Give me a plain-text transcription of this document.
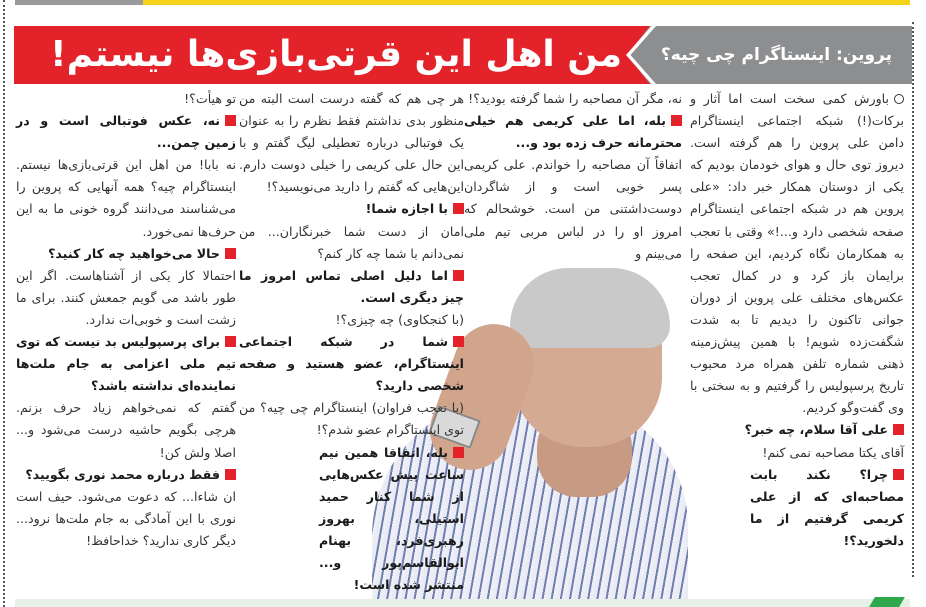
من اهل این قرتی‌بازی‌ها نیستم!	پروین: اینستاگرام چی چیه؟

باورش کمی سخت است اما آثار و برکات(!) شبکه اجتماعی اینستاگرام دامن علی پروین را هم گرفته است. دیروز توی حال و هوای خودمان بودیم که یکی از دوستان همکار خبر داد: «علی پروین هم در شبکه اجتماعی اینستاگرام صفحه شخصی دارد و...!» وقتی با تعجب به همکارمان نگاه کردیم، این صفحه را برایمان باز کرد و در کمال تعجب عکس‌های مختلف علی پروین از دوران جوانی تاکنون را دیدیم تا به شدت شگفت‌زده شویم! با همین پیش‌زمینه ذهنی شماره تلفن همراه مرد محبوب تاریخ پرسپولیس را گرفتیم و به سختی با وی گفت‌وگو کردیم.

علی آقا سلام، چه خبر؟

آقای یکتا مصاحبه نمی کنم!

چرا؟ نکند بابت مصاحبه‌ای که از علی کریمی گرفتیم از ما دلخورید؟!

نه، مگر آن مصاحبه را شما گرفته بودید؟!

بله، اما علی کریمی هم خیلی محترمانه حرف زده بود و...

اتفاقاً آن مصاحبه را خواندم. علی کریمی پسر خوبی است و از شاگردان دوست‌داشتنی من است. خوشحالم که امروز او را در لباس مربی تیم ملی می‌بینم و

هر چی هم که گفته درست است البته من منظور بدی نداشتم فقط نظرم را به عنوان یک فوتبالی درباره تعطیلی لیگ گفتم و با این حال علی کریمی را خیلی دوست دارم. این‌هایی که گفتم را دارید می‌نویسید؟!

با اجازه شما!

امان از دست شما خبرنگاران... من نمی‌دانم با شما چه کار کنم؟

اما دلیل اصلی تماس امروز ما چیز دیگری است.

(با کنجکاوی) چه چیزی؟!

شما در شبکه اجتماعی اینستاگرام، عضو هستید و صفحه شخصی دارید؟

(با تعجب فراوان) اینستاگرام چی چیه؟ من توی اینستاگرام عضو شدم؟!

بله، اتفاقا همین نیم ساعت پیش عکس‌هایی از شما کنار حمید استیلی، بهروز رهبری‌فرد، بهنام ابوالقاسم‌پور و... منتشر شده است!

تو هیأت؟!

نه، عکس فوتبالی است و در زمین چمن...

نه بابا! من اهل این قرتی‌بازی‌ها نیستم. اینستاگرام چیه؟ همه آنهایی که پروین را می‌شناسند می‌دانند گروه خونی ما به این حرف‌ها نمی‌خورد.

حالا می‌خواهید چه کار کنید؟

احتمالا کار یکی از آشناهاست. اگر این طور باشد می گویم جمعش کنند. برای ما زشت است و خوبی‌ات ندارد.

برای پرسپولیس بد نیست که توی تیم ملی اعزامی به جام ملت‌ها نماینده‌ای نداشته باشد؟

گفتم که نمی‌خواهم زیاد حرف بزنم. هرچی بگویم حاشیه درست می‌شود و... اصلا ولش کن!

فقط درباره محمد نوری بگویید؟

ان شاءا... که دعوت می‌شود. حیف است نوری با این آمادگی به جام ملت‌ها نرود... دیگر کاری ندارید؟ خداحافظ!
